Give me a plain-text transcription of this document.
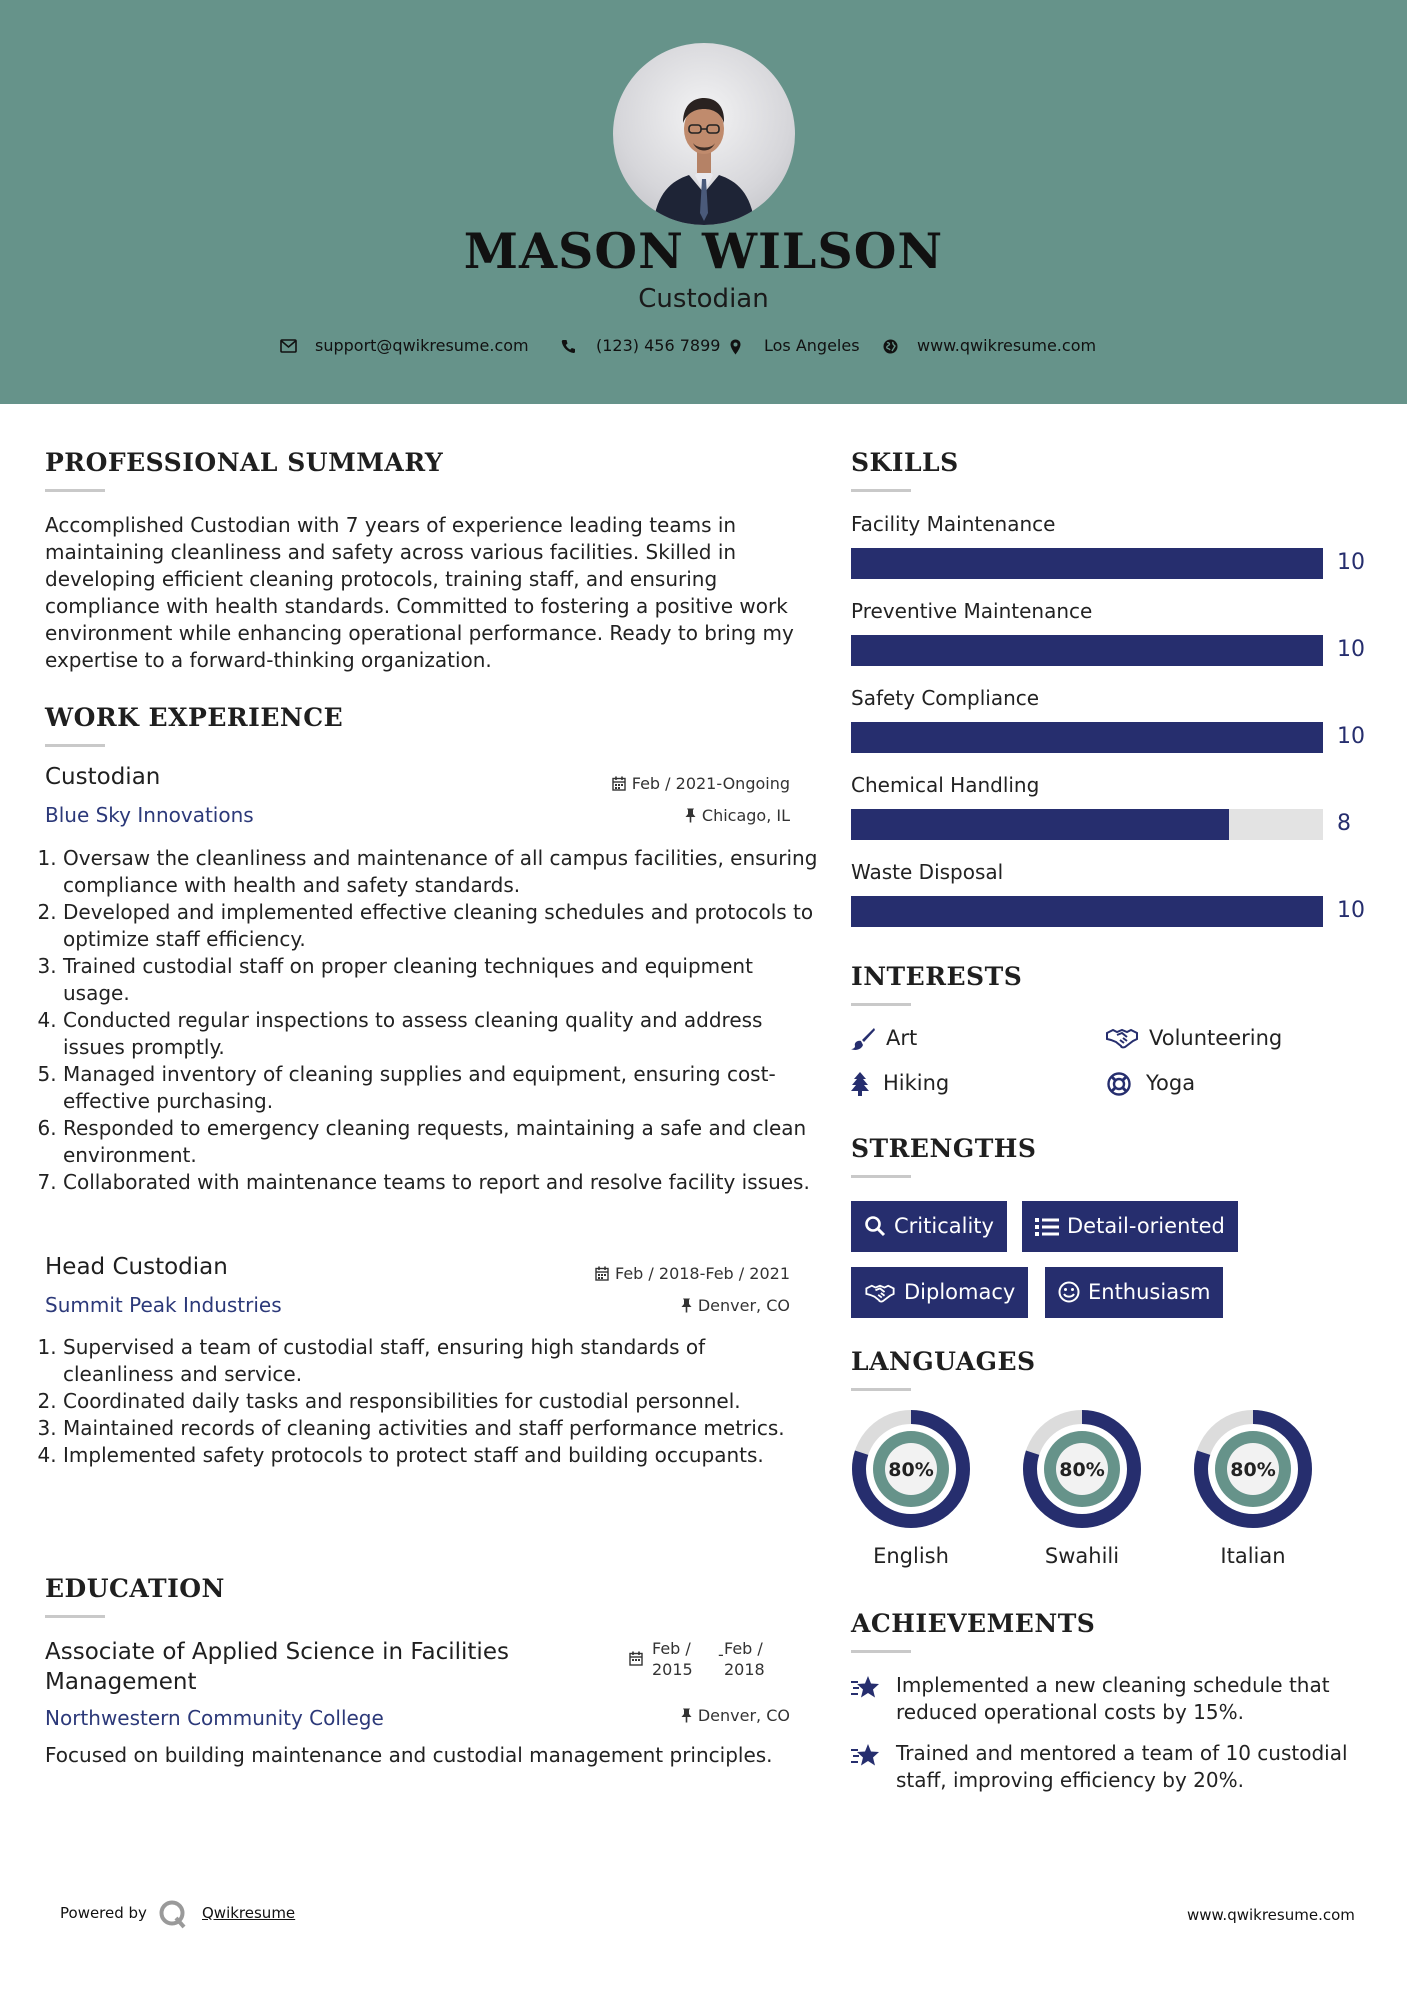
MASON WILSON
Custodian
support@qwikresume.com	(123) 456 7899	Los Angeles	www.qwikresume.com
PROFESSIONAL SUMMARY
Accomplished Custodian with 7 years of experience leading teams in maintaining cleanliness and safety across various facilities. Skilled in developing efficient cleaning protocols, training staff, and ensuring compliance with health standards. Committed to fostering a positive work environment while enhancing operational performance. Ready to bring my expertise to a forward-thinking organization.
WORK EXPERIENCE
Custodian	Feb / 2021-Ongoing
Blue Sky Innovations	Chicago, IL
1. Oversaw the cleanliness and maintenance of all campus facilities, ensuring compliance with health and safety standards.
2. Developed and implemented effective cleaning schedules and protocols to optimize staff efficiency.
3. Trained custodial staff on proper cleaning techniques and equipment usage.
4. Conducted regular inspections to assess cleaning quality and address issues promptly.
5. Managed inventory of cleaning supplies and equipment, ensuring cost-effective purchasing.
6. Responded to emergency cleaning requests, maintaining a safe and clean environment.
7. Collaborated with maintenance teams to report and resolve facility issues.
Head Custodian	Feb / 2018-Feb / 2021
Summit Peak Industries	Denver, CO
1. Supervised a team of custodial staff, ensuring high standards of cleanliness and service.
2. Coordinated daily tasks and responsibilities for custodial personnel.
3. Maintained records of cleaning activities and staff performance metrics.
4. Implemented safety protocols to protect staff and building occupants.
EDUCATION
Associate of Applied Science in Facilities Management
Feb / 2015
- Feb / 2018
Northwestern Community College	Denver, CO
Focused on building maintenance and custodial management principles.
SKILLS
Facility Maintenance
10
Preventive Maintenance
10
Safety Compliance
10
Chemical Handling
8
Waste Disposal
10
INTERESTS
Art	Volunteering
Hiking	Yoga
STRENGTHS
Criticality	Detail-oriented
Diplomacy	Enthusiasm
LANGUAGES
80%
English
80%
Swahili
80%
Italian
ACHIEVEMENTS
Implemented a new cleaning schedule that reduced operational costs by 15%.
Trained and mentored a team of 10 custodial staff, improving efficiency by 20%.
Powered by	Qwikresume	www.qwikresume.com
